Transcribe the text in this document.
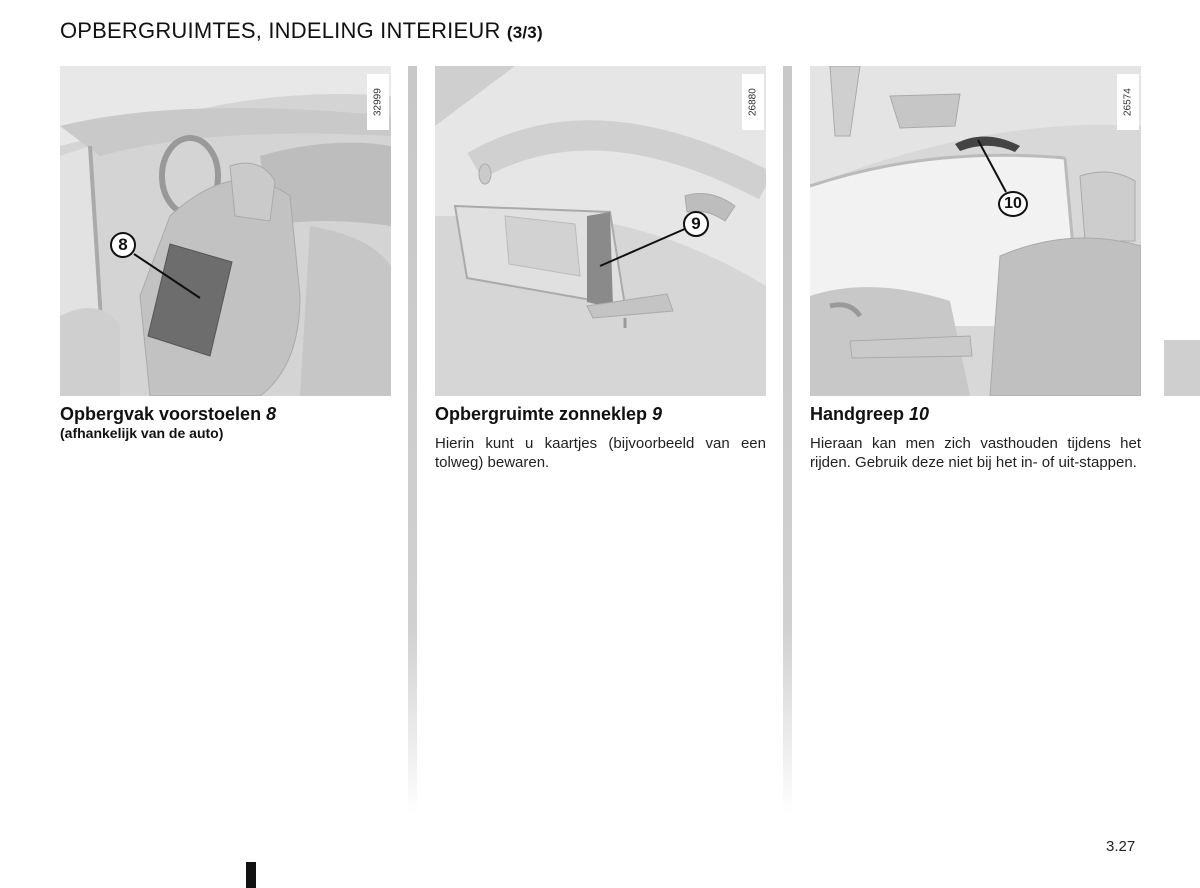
OPBERGRUIMTES, INDELING INTERIEUR (3/3)
32999
8
Opbergvak voorstoelen 8
(afhankelijk van de auto)
26880
9
Opbergruimte zonneklep 9
Hierin kunt u kaartjes (bijvoorbeeld van een tolweg) bewaren.
26574
10
Handgreep 10
Hieraan kan men zich vasthouden tijdens het rijden. Gebruik deze niet bij het in- of uit-stappen.
3.27
